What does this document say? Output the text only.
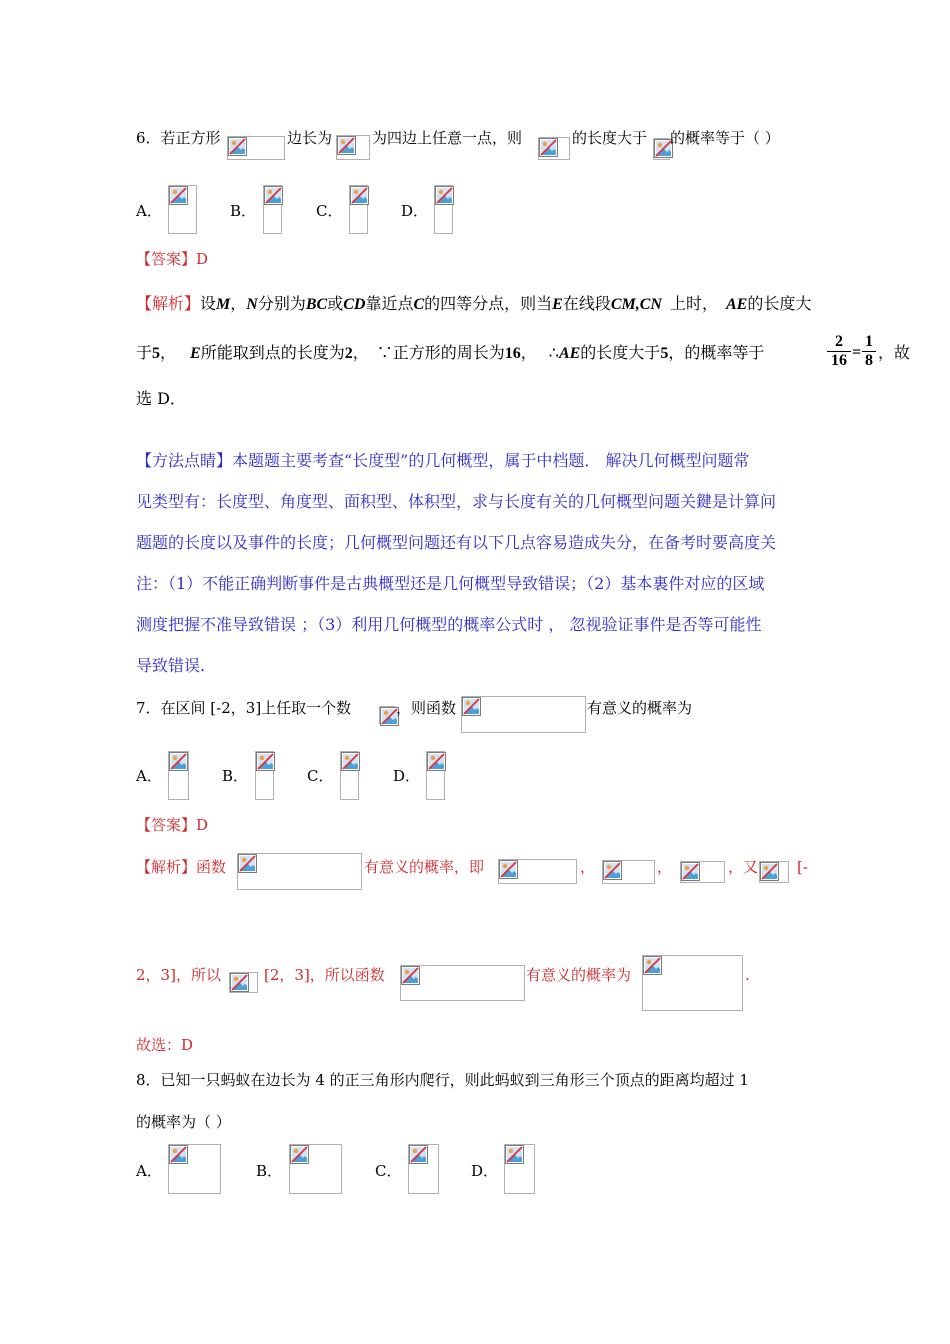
6．若正方形	边长为	为四边上任意一点，则	的长度大于 的概率等于（ ）
A．	B．	C．	D．
【答案】D
【解析】设M，N分别为BC或CD靠近点C的四等分点，则当E在线段CM,CN 上时， AE的长度大
于5， E所能取到点的长度为2， ∵正方形的周长为16， ∴AE的长度大于5，的概率等于	$\frac{2}{16} = \frac{1}{8}$ ，故
选 D．
【方法点睛】本题题主要考查“长度型”的几何概型，属于中档题． 解决几何概型问题常
见类型有：长度型、角度型、面积型、体积型，求与长度有关的几何概型问题关鍵是计算问
题题的长度以及事件的长度；几何概型问题还有以下几点容易造成失分，在备考时要高度关
注：（1）不能正确判断事件是古典概型还是几何概型导致错误；（2）基本裏件对应的区域
测度把握不准导致错误 ；（3）利用几何概型的概率公式时 ， 忽视验证事件是否等可能性
导致错误.
7．在区间 [-2，3]上任取一个数	，则函数	有意义的概率为
A．	B．	C．	D．
【答案】D
【解析】函数	有意义的概率，即	，	，	，又	[-
2，3]，所以	[2，3]，所以函数	有意义的概率为	.
故选：D
8．已知一只蚂蚁在边长为 4 的正三角形内爬行，则此蚂蚁到三角形三个顶点的距离均超过 1
的概率为（ ）
A．	B．	C．	D．
